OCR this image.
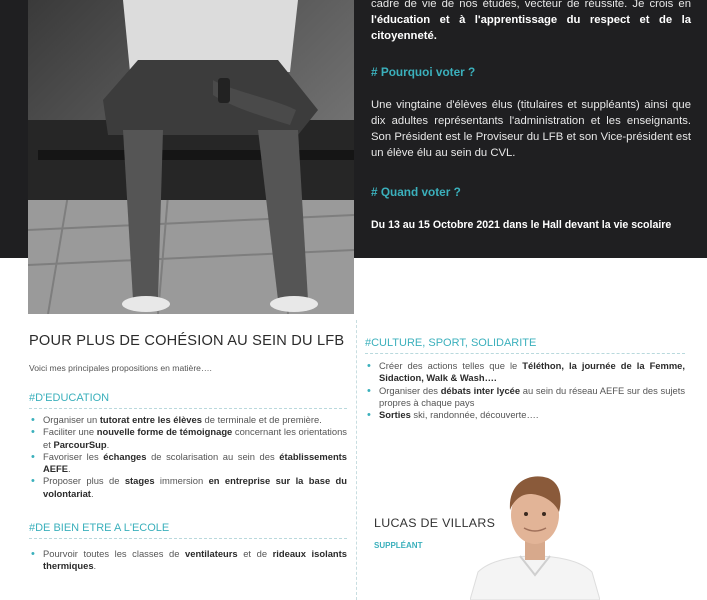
cadre de vie de nos études, vecteur de réussite. Je crois en l'éducation et à l'apprentissage du respect et de la citoyenneté.

# Pourquoi voter ?

Une vingtaine d'élèves élus (titulaires et suppléants) ainsi que dix adultes représentants l'administration et les enseignants. Son Président est le Proviseur du LFB et son Vice-président est un élève élu au sein du CVL.

# Quand voter ?

Du 13 au 15 Octobre 2021 dans le Hall devant la vie scolaire

POUR PLUS DE COHÉSION AU SEIN DU LFB
Voici mes principales propositions en matière….
#D'EDUCATION
• Organiser un tutorat entre les élèves de terminale et de première.
• Faciliter une nouvelle forme de témoignage concernant les orientations et ParcourSup.
• Favoriser les échanges de scolarisation au sein des établissements AEFE.
• Proposer plus de stages immersion en entreprise sur la base du volontariat.
#DE BIEN ETRE A L'ECOLE
• Pourvoir toutes les classes de ventilateurs et de rideaux isolants thermiques.
#CULTURE, SPORT, SOLIDARITE
• Créer des actions telles que le Téléthon, la journée de la Femme, Sidaction, Walk & Wash….
• Organiser des débats inter lycée au sein du réseau AEFE sur des sujets propres à chaque pays
• Sorties ski, randonnée, découverte….
LUCAS DE VILLARS
SUPPLÉANT
